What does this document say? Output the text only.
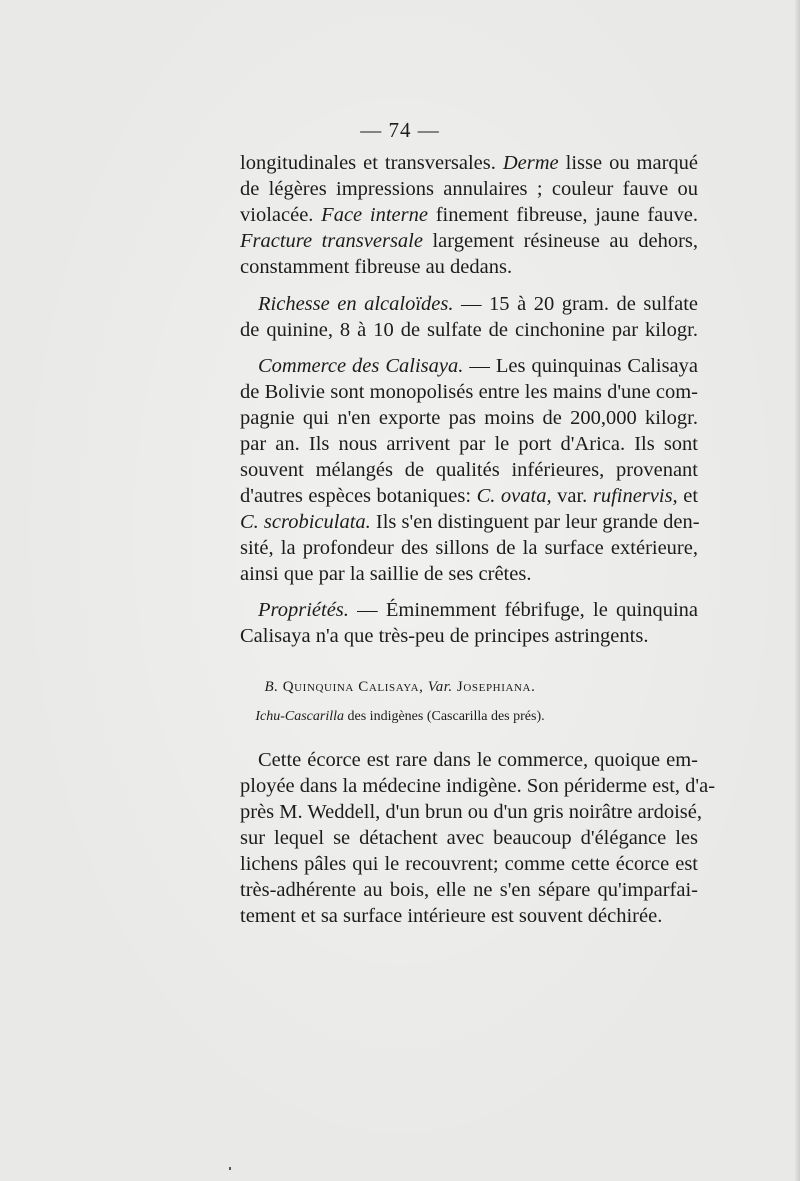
— 74 —
longitudinales et transversales. Derme lisse ou marqué
de légères impressions annulaires ; couleur fauve ou
violacée. Face interne finement fibreuse, jaune fauve.
Fracture transversale largement résineuse au dehors,
constamment fibreuse au dedans.
Richesse en alcaloïdes. — 15 à 20 gram. de sulfate
de quinine, 8 à 10 de sulfate de cinchonine par kilogr.
Commerce des Calisaya. — Les quinquinas Calisaya
de Bolivie sont monopolisés entre les mains d'une com-
pagnie qui n'en exporte pas moins de 200,000 kilogr.
par an. Ils nous arrivent par le port d'Arica. Ils sont
souvent mélangés de qualités inférieures, provenant
d'autres espèces botaniques: C. ovata, var. rufinervis, et
C. scrobiculata. Ils s'en distinguent par leur grande den-
sité, la profondeur des sillons de la surface extérieure,
ainsi que par la saillie de ses crêtes.
Propriétés. — Éminemment fébrifuge, le quinquina
Calisaya n'a que très-peu de principes astringents.
B. Quinquina Calisaya, Var. Josephiana.
Ichu-Cascarilla des indigènes (Cascarilla des prés).
Cette écorce est rare dans le commerce, quoique em-
ployée dans la médecine indigène. Son périderme est, d'a-
près M. Weddell, d'un brun ou d'un gris noirâtre ardoisé,
sur lequel se détachent avec beaucoup d'élégance les
lichens pâles qui le recouvrent; comme cette écorce est
très-adhérente au bois, elle ne s'en sépare qu'imparfai-
tement et sa surface intérieure est souvent déchirée.
